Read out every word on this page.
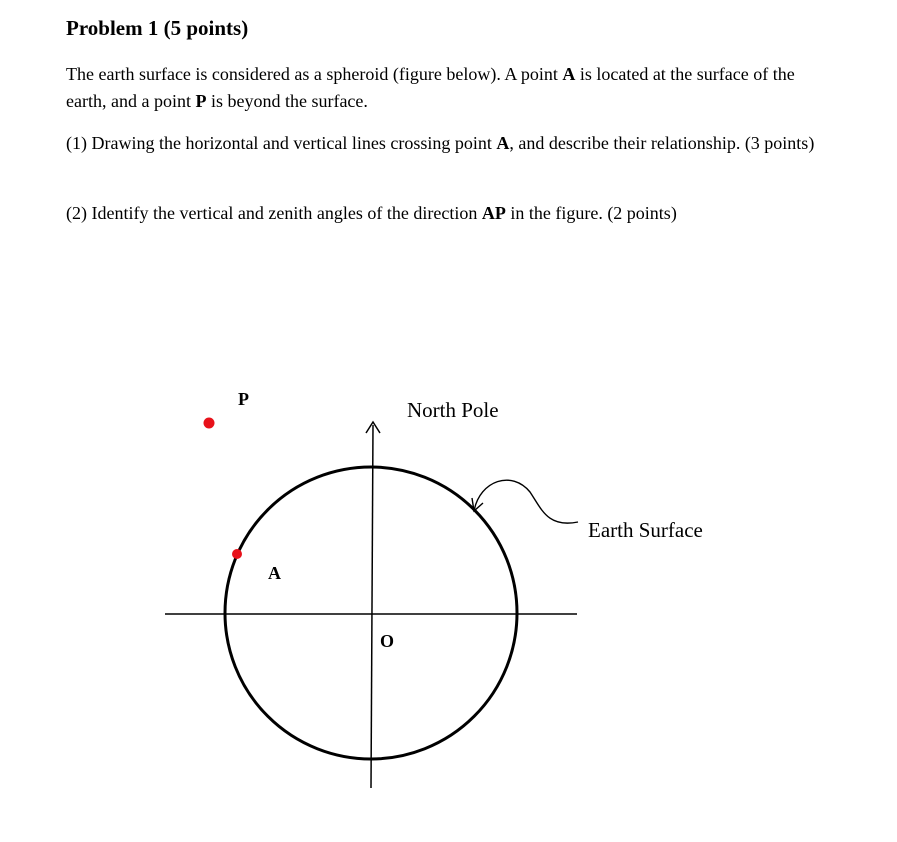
Problem 1 (5 points)

The earth surface is considered as a spheroid (figure below). A point A is located at the surface of the earth, and a point P is beyond the surface.

(1) Drawing the horizontal and vertical lines crossing point A, and describe their relationship. (3 points)

(2) Identify the vertical and zenith angles of the direction AP in the figure. (2 points)

P
A
O
North Pole
Earth Surface
